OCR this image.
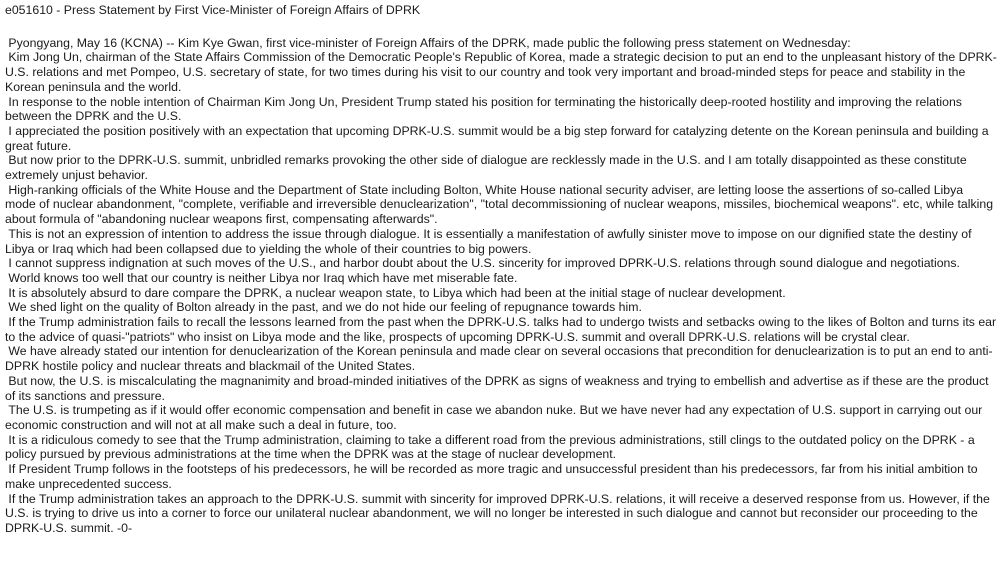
e051610 - Press Statement by First Vice-Minister of Foreign Affairs of DPRK

Pyongyang, May 16 (KCNA) -- Kim Kye Gwan, first vice-minister of Foreign Affairs of the DPRK, made public the following press statement on Wednesday:

Kim Jong Un, chairman of the State Affairs Commission of the Democratic People's Republic of Korea, made a strategic decision to put an end to the unpleasant history of the DPRK-U.S. relations and met Pompeo, U.S. secretary of state, for two times during his visit to our country and took very important and broad-minded steps for peace and stability in the Korean peninsula and the world.

In response to the noble intention of Chairman Kim Jong Un, President Trump stated his position for terminating the historically deep-rooted hostility and improving the relations between the DPRK and the U.S.

I appreciated the position positively with an expectation that upcoming DPRK-U.S. summit would be a big step forward for catalyzing detente on the Korean peninsula and building a great future.

But now prior to the DPRK-U.S. summit, unbridled remarks provoking the other side of dialogue are recklessly made in the U.S. and I am totally disappointed as these constitute extremely unjust behavior.

High-ranking officials of the White House and the Department of State including Bolton, White House national security adviser, are letting loose the assertions of so-called Libya mode of nuclear abandonment, "complete, verifiable and irreversible denuclearization", "total decommissioning of nuclear weapons, missiles, biochemical weapons". etc, while talking about formula of "abandoning nuclear weapons first, compensating afterwards".

This is not an expression of intention to address the issue through dialogue. It is essentially a manifestation of awfully sinister move to impose on our dignified state the destiny of Libya or Iraq which had been collapsed due to yielding the whole of their countries to big powers.

I cannot suppress indignation at such moves of the U.S., and harbor doubt about the U.S. sincerity for improved DPRK-U.S. relations through sound dialogue and negotiations.

World knows too well that our country is neither Libya nor Iraq which have met miserable fate.

It is absolutely absurd to dare compare the DPRK, a nuclear weapon state, to Libya which had been at the initial stage of nuclear development.

We shed light on the quality of Bolton already in the past, and we do not hide our feeling of repugnance towards him.

If the Trump administration fails to recall the lessons learned from the past when the DPRK-U.S. talks had to undergo twists and setbacks owing to the likes of Bolton and turns its ear to the advice of quasi-"patriots" who insist on Libya mode and the like, prospects of upcoming DPRK-U.S. summit and overall DPRK-U.S. relations will be crystal clear.

We have already stated our intention for denuclearization of the Korean peninsula and made clear on several occasions that precondition for denuclearization is to put an end to anti-DPRK hostile policy and nuclear threats and blackmail of the United States.

But now, the U.S. is miscalculating the magnanimity and broad-minded initiatives of the DPRK as signs of weakness and trying to embellish and advertise as if these are the product of its sanctions and pressure.

The U.S. is trumpeting as if it would offer economic compensation and benefit in case we abandon nuke. But we have never had any expectation of U.S. support in carrying out our economic construction and will not at all make such a deal in future, too.

It is a ridiculous comedy to see that the Trump administration, claiming to take a different road from the previous administrations, still clings to the outdated policy on the DPRK - a policy pursued by previous administrations at the time when the DPRK was at the stage of nuclear development.

If President Trump follows in the footsteps of his predecessors, he will be recorded as more tragic and unsuccessful president than his predecessors, far from his initial ambition to make unprecedented success.

If the Trump administration takes an approach to the DPRK-U.S. summit with sincerity for improved DPRK-U.S. relations, it will receive a deserved response from us. However, if the U.S. is trying to drive us into a corner to force our unilateral nuclear abandonment, we will no longer be interested in such dialogue and cannot but reconsider our proceeding to the DPRK-U.S. summit. -0-
